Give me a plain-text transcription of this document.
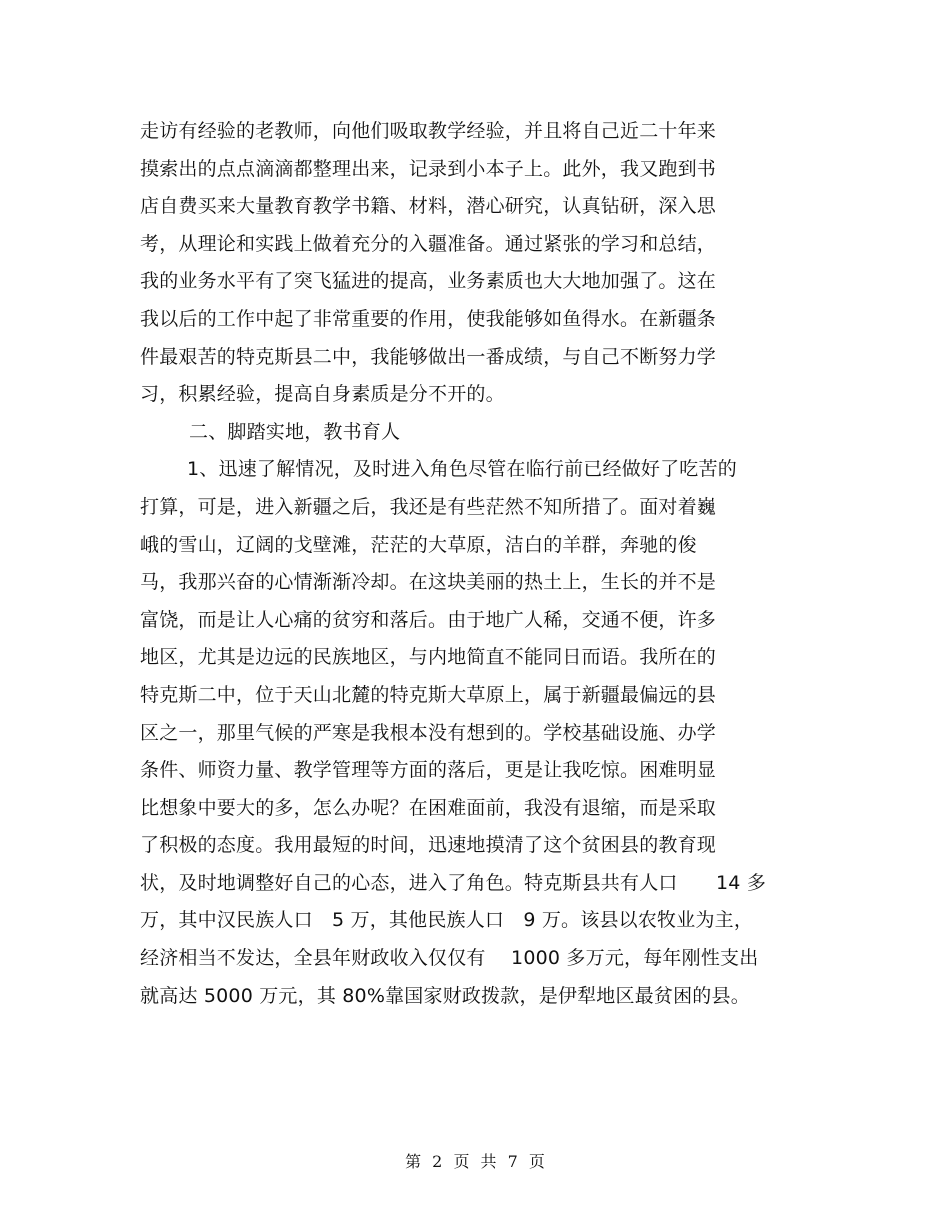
走访有经验的老教师，向他们吸取教学经验，并且将自己近二十年来
摸索出的点点滴滴都整理出来，记录到小本子上。此外，我又跑到书
店自费买来大量教育教学书籍、材料，潜心研究，认真钻研，深入思
考，从理论和实践上做着充分的入疆准备。通过紧张的学习和总结，
我的业务水平有了突飞猛进的提高，业务素质也大大地加强了。这在
我以后的工作中起了非常重要的作用，使我能够如鱼得水。在新疆条
件最艰苦的特克斯县二中，我能够做出一番成绩，与自己不断努力学
习，积累经验，提高自身素质是分不开的。
二、脚踏实地，教书育人
1、迅速了解情况，及时进入角色尽管在临行前已经做好了吃苦的
打算，可是，进入新疆之后，我还是有些茫然不知所措了。面对着巍
峨的雪山，辽阔的戈壁滩，茫茫的大草原，洁白的羊群，奔驰的俊
马，我那兴奋的心情渐渐冷却。在这块美丽的热土上，生长的并不是
富饶，而是让人心痛的贫穷和落后。由于地广人稀，交通不便，许多
地区，尤其是边远的民族地区，与内地简直不能同日而语。我所在的
特克斯二中，位于天山北麓的特克斯大草原上，属于新疆最偏远的县
区之一，那里气候的严寒是我根本没有想到的。学校基础设施、办学
条件、师资力量、教学管理等方面的落后，更是让我吃惊。困难明显
比想象中要大的多，怎么办呢？在困难面前，我没有退缩，而是采取
了积极的态度。我用最短的时间，迅速地摸清了这个贫困县的教育现
状，及时地调整好自己的心态，进入了角色。特克斯县共有人口　　14 多
万，其中汉民族人口　5 万，其他民族人口　9 万。该县以农牧业为主，
经济相当不发达，全县年财政收入仅仅有　 1000 多万元，每年刚性支出
就高达 5000 万元，其 80%靠国家财政拨款，是伊犁地区最贫困的县。
第 2 页 共 7 页
